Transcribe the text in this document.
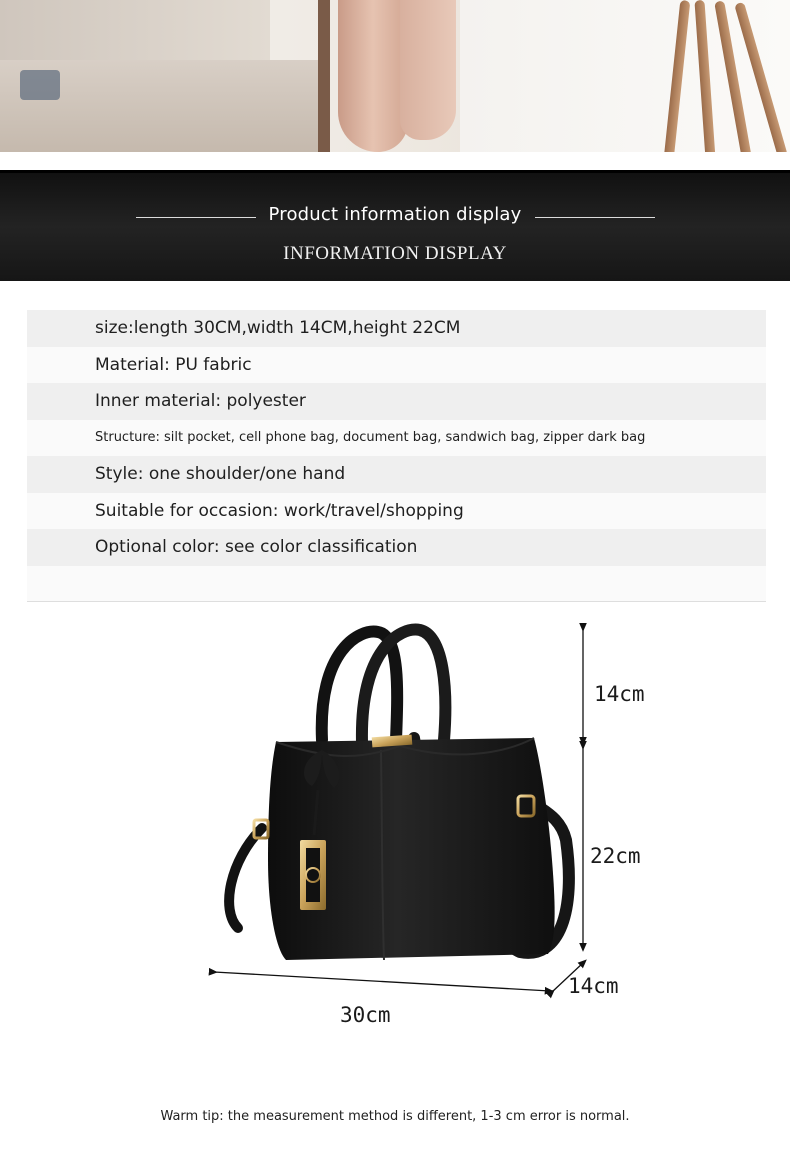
Product information display
INFORMATION DISPLAY
size:length 30CM,width 14CM,height 22CM
Material: PU fabric
Inner material: polyester
Structure: silt pocket, cell phone bag, document bag, sandwich bag, zipper dark bag
Style: one shoulder/one hand
Suitable for occasion: work/travel/shopping
Optional color: see color classification
14cm
22cm
14cm
30cm
Warm tip: the measurement method is different, 1-3 cm error is normal.
